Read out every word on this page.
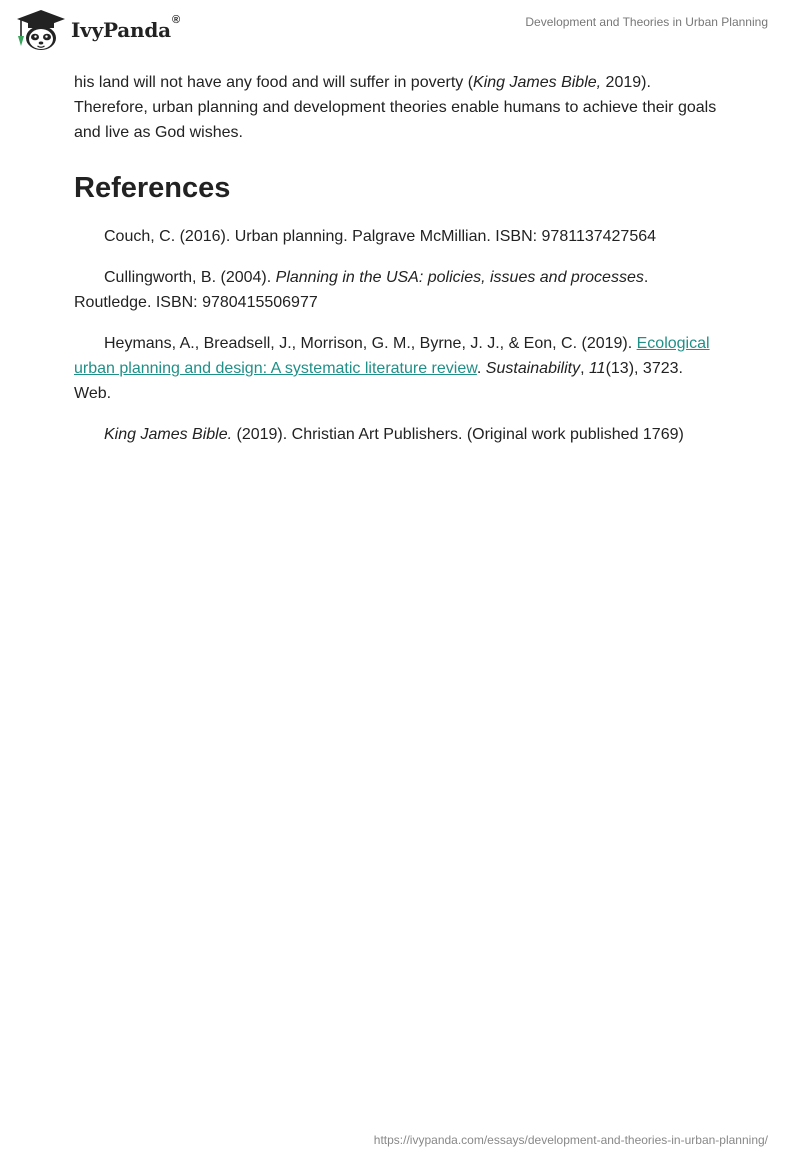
IvyPanda®	Development and Theories in Urban Planning

his land will not have any food and will suffer in poverty (King James Bible, 2019). Therefore, urban planning and development theories enable humans to achieve their goals and live as God wishes.

References

Couch, C. (2016). Urban planning. Palgrave McMillian. ISBN: 9781137427564

Cullingworth, B. (2004). Planning in the USA: policies, issues and processes. Routledge. ISBN: 9780415506977

Heymans, A., Breadsell, J., Morrison, G. M., Byrne, J. J., & Eon, C. (2019). Ecological urban planning and design: A systematic literature review. Sustainability, 11(13), 3723. Web.

King James Bible. (2019). Christian Art Publishers. (Original work published 1769)

https://ivypanda.com/essays/development-and-theories-in-urban-planning/
